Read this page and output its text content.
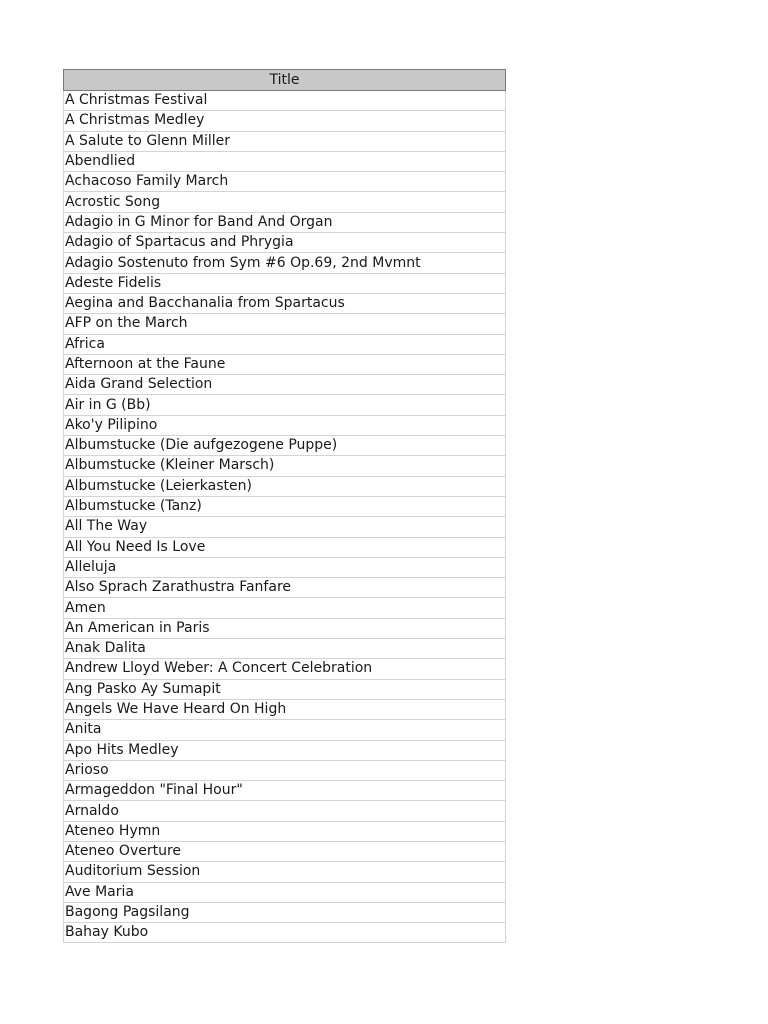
Title
A Christmas Festival
A Christmas Medley
A Salute to Glenn Miller
Abendlied
Achacoso Family March
Acrostic Song
Adagio in G Minor for Band And Organ
Adagio of Spartacus and Phrygia
Adagio Sostenuto from Sym #6 Op.69, 2nd Mvmnt
Adeste Fidelis
Aegina and Bacchanalia from Spartacus
AFP on the March
Africa
Afternoon at the Faune
Aida Grand Selection
Air in G (Bb)
Ako'y Pilipino
Albumstucke (Die aufgezogene Puppe)
Albumstucke (Kleiner Marsch)
Albumstucke (Leierkasten)
Albumstucke (Tanz)
All The Way
All You Need Is Love
Alleluja
Also Sprach Zarathustra Fanfare
Amen
An American in Paris
Anak Dalita
Andrew Lloyd Weber: A Concert Celebration
Ang Pasko Ay Sumapit
Angels We Have Heard On High
Anita
Apo Hits Medley
Arioso
Armageddon "Final Hour"
Arnaldo
Ateneo Hymn
Ateneo Overture
Auditorium Session
Ave Maria
Bagong Pagsilang
Bahay Kubo
